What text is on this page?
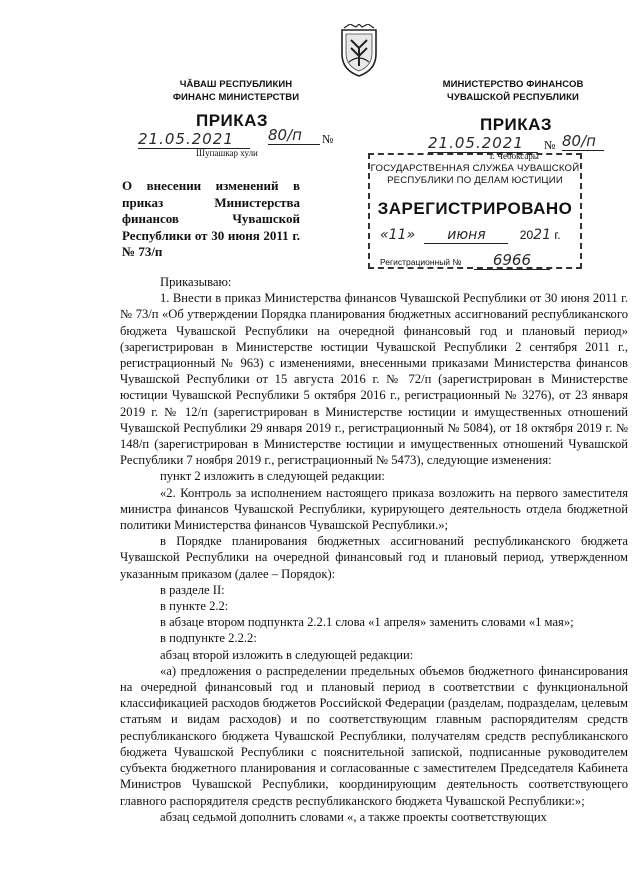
ЧĂВАШ РЕСПУБЛИКИН
ФИНАНС МИНИСТЕРСТВИ
МИНИСТЕРСТВО ФИНАНСОВ
ЧУВАШСКОЙ РЕСПУБЛИКИ
ПРИКАЗ
21.05.2021	80/п	№
Шупашкар хули
ПРИКАЗ
21.05.2021	№ 80/п
г. Чебоксары
ГОСУДАРСТВЕННАЯ СЛУЖБА ЧУВАШСКОЙ
РЕСПУБЛИКИ ПО ДЕЛАМ ЮСТИЦИИ
ЗАРЕГИСТРИРОВАНО
«11» июня	2021 г.
Регистрационный № 6966
О внесении изменений в приказ Министерства финансов Чувашской Республики от 30 июня 2011 г. № 73/п

Приказываю:

1. Внести в приказ Министерства финансов Чувашской Республики от 30 июня 2011 г. № 73/п «Об утверждении Порядка планирования бюджетных ассигнований республиканского бюджета Чувашской Республики на очередной финансовый год и плановый период» (зарегистрирован в Министерстве юстиции Чувашской Республики 2 сентября 2011 г., регистрационный № 963) с изменениями, внесенными приказами Министерства финансов Чувашской Республики от 15 августа 2016 г. № 72/п (зарегистрирован в Министерстве юстиции Чувашской Республики 5 октября 2016 г., регистрационный № 3276), от 23 января 2019 г. № 12/п (зарегистрирован в Министерстве юстиции и имущественных отношений Чувашской Республики 29 января 2019 г., регистрационный № 5084), от 18 октября 2019 г. № 148/п (зарегистрирован в Министерстве юстиции и имущественных отношений Чувашской Республики 7 ноября 2019 г., регистрационный № 5473), следующие изменения:

пункт 2 изложить в следующей редакции:

«2. Контроль за исполнением настоящего приказа возложить на первого заместителя министра финансов Чувашской Республики, курирующего деятельность отдела бюджетной политики Министерства финансов Чувашской Республики.»;

в Порядке планирования бюджетных ассигнований республиканского бюджета Чувашской Республики на очередной финансовый год и плановый период, утвержденном указанным приказом (далее – Порядок):

в разделе II:

в пункте 2.2:

в абзаце втором подпункта 2.2.1 слова «1 апреля» заменить словами «1 мая»;

в подпункте 2.2.2:

абзац второй изложить в следующей редакции:

«а) предложения о распределении предельных объемов бюджетного финансирования на очередной финансовый год и плановый период в соответствии с функциональной классификацией расходов бюджетов Российской Федерации (разделам, подразделам, целевым статьям и видам расходов) и по соответствующим главным распорядителям средств республиканского бюджета Чувашской Республики, получателям средств республиканского бюджета Чувашской Республики с пояснительной запиской, подписанные руководителем субъекта бюджетного планирования и согласованные с заместителем Председателя Кабинета Министров Чувашской Республики, координирующим деятельность соответствующего главного распорядителя средств республиканского бюджета Чувашской Республики:»;

абзац седьмой дополнить словами «, а также проекты соответствующих
